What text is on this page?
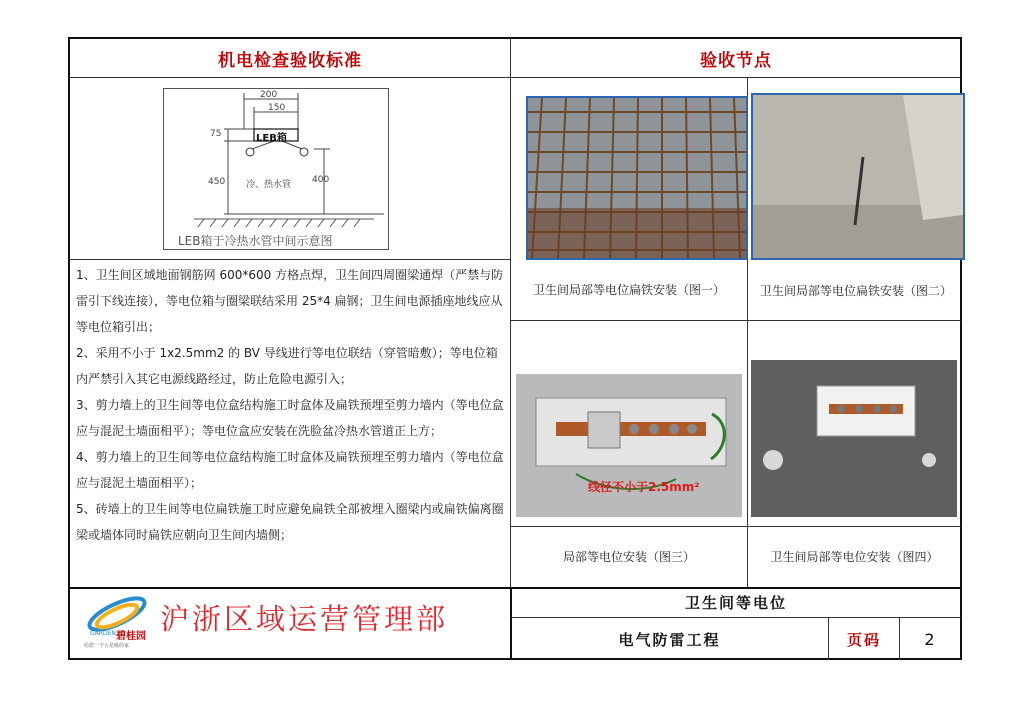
机电检查验收标准	验收节点
200
150
75
450	400
LEB箱
冷、热水管
LEB箱于冷热水管中间示意图

1、卫生间区域地面钢筋网 600*600 方格点焊，卫生间四周圈梁通焊（严禁与防雷引下线连接），等电位箱与圈梁联结采用 25*4 扁钢；卫生间电源插座地线应从等电位箱引出；

2、采用不小于 1x2.5mm2 的 BV 导线进行等电位联结（穿管暗敷）；等电位箱内严禁引入其它电源线路经过，防止危险电源引入；

3、剪力墙上的卫生间等电位盒结构施工时盒体及扁铁预埋至剪力墙内（等电位盒应与混泥土墙面相平）；等电位盒应安装在洗脸盆冷热水管道正上方；

4、剪力墙上的卫生间等电位盒结构施工时盒体及扁铁预埋至剪力墙内（等电位盒应与混泥土墙面相平）；

5、砖墙上的卫生间等电位扁铁施工时应避免扁铁全部被埋入圈梁内或扁铁偏离圈梁或墙体同时扁铁应朝向卫生间内墙侧；

线径不小于2.5mm²
卫生间局部等电位扁铁安装（图一）	卫生间局部等电位扁铁安装（图二）
局部等电位安装（图三）	卫生间局部等电位安装（图四）
GARDEN 碧桂园
给您一个五星级的家
沪浙区域运营管理部	卫生间等电位
电气防雷工程	页码	2
